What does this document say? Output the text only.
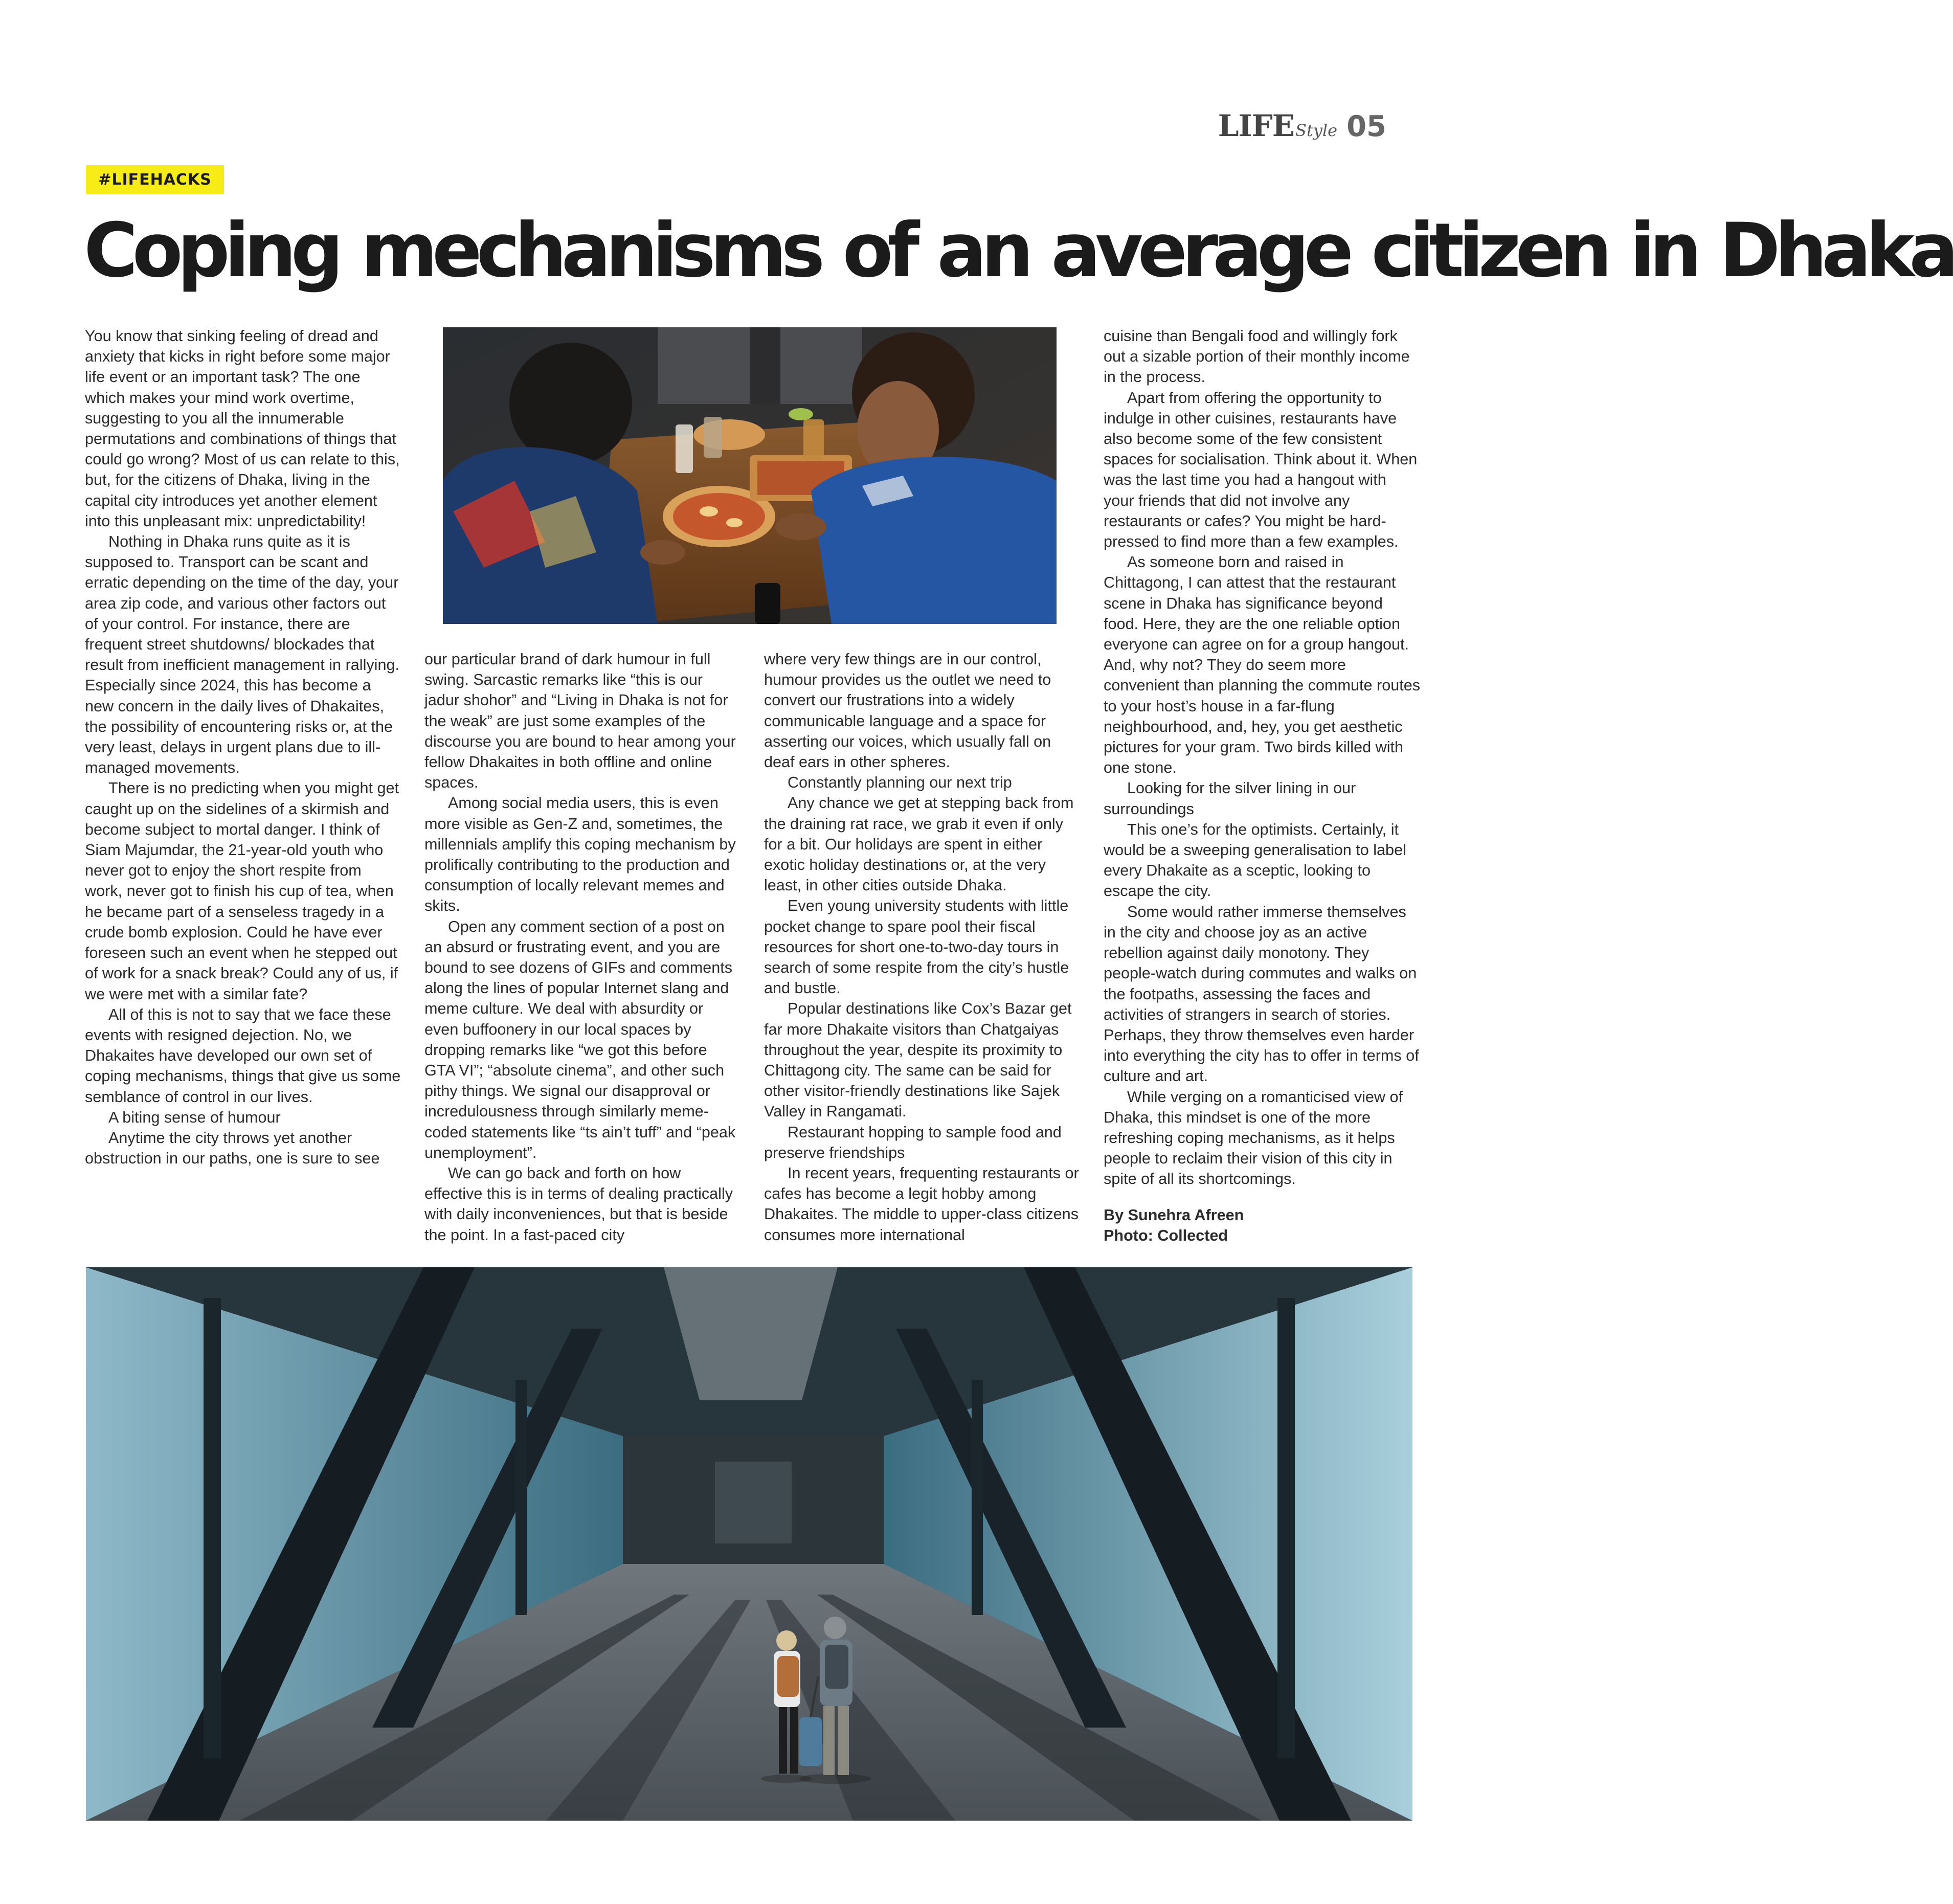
LIFE Style 05
#LIFEHACKS
Coping mechanisms of an average citizen in Dhaka

You know that sinking feeling of dread and anxiety that kicks in right before some major life event or an important task? The one which makes your mind work overtime, suggesting to you all the innumerable permutations and combinations of things that could go wrong? Most of us can relate to this, but, for the citizens of Dhaka, living in the capital city introduces yet another element into this unpleasant mix: unpredictability!

Nothing in Dhaka runs quite as it is supposed to. Transport can be scant and erratic depending on the time of the day, your area zip code, and various other factors out of your control. For instance, there are frequent street shutdowns/ blockades that result from inefficient management in rallying. Especially since 2024, this has become a new concern in the daily lives of Dhakaites, the possibility of encountering risks or, at the very least, delays in urgent plans due to ill-managed movements.

There is no predicting when you might get caught up on the sidelines of a skirmish and become subject to mortal danger. I think of Siam Majumdar, the 21-year-old youth who never got to enjoy the short respite from work, never got to finish his cup of tea, when he became part of a senseless tragedy in a crude bomb explosion. Could he have ever foreseen such an event when he stepped out of work for a snack break? Could any of us, if we were met with a similar fate?

All of this is not to say that we face these events with resigned dejection. No, we Dhakaites have developed our own set of coping mechanisms, things that give us some semblance of control in our lives.

A biting sense of humour

Anytime the city throws yet another obstruction in our paths, one is sure to see

our particular brand of dark humour in full swing. Sarcastic remarks like “this is our jadur shohor” and “Living in Dhaka is not for the weak” are just some examples of the discourse you are bound to hear among your fellow Dhakaites in both offline and online spaces.

Among social media users, this is even more visible as Gen-Z and, sometimes, the millennials amplify this coping mechanism by prolifically contributing to the production and consumption of locally relevant memes and skits.

Open any comment section of a post on an absurd or frustrating event, and you are bound to see dozens of GIFs and comments along the lines of popular Internet slang and meme culture. We deal with absurdity or even buffoonery in our local spaces by dropping remarks like “we got this before GTA VI”; “absolute cinema”, and other such pithy things. We signal our disapproval or incredulousness through similarly meme-coded statements like “ts ain’t tuff” and “peak unemployment”.

We can go back and forth on how effective this is in terms of dealing practically with daily inconveniences, but that is beside the point. In a fast-paced city

where very few things are in our control, humour provides us the outlet we need to convert our frustrations into a widely communicable language and a space for asserting our voices, which usually fall on deaf ears in other spheres.

Constantly planning our next trip

Any chance we get at stepping back from the draining rat race, we grab it even if only for a bit. Our holidays are spent in either exotic holiday destinations or, at the very least, in other cities outside Dhaka.

Even young university students with little pocket change to spare pool their fiscal resources for short one-to-two-day tours in search of some respite from the city’s hustle and bustle.

Popular destinations like Cox’s Bazar get far more Dhakaite visitors than Chatgaiyas throughout the year, despite its proximity to Chittagong city. The same can be said for other visitor-friendly destinations like Sajek Valley in Rangamati.

Restaurant hopping to sample food and preserve friendships

In recent years, frequenting restaurants or cafes has become a legit hobby among Dhakaites. The middle to upper-class citizens consumes more international

cuisine than Bengali food and willingly fork out a sizable portion of their monthly income in the process.

Apart from offering the opportunity to indulge in other cuisines, restaurants have also become some of the few consistent spaces for socialisation. Think about it. When was the last time you had a hangout with your friends that did not involve any restaurants or cafes? You might be hard-pressed to find more than a few examples.

As someone born and raised in Chittagong, I can attest that the restaurant scene in Dhaka has significance beyond food. Here, they are the one reliable option everyone can agree on for a group hangout. And, why not? They do seem more convenient than planning the commute routes to your host’s house in a far-flung neighbourhood, and, hey, you get aesthetic pictures for your gram. Two birds killed with one stone.

Looking for the silver lining in our surroundings

This one’s for the optimists. Certainly, it would be a sweeping generalisation to label every Dhakaite as a sceptic, looking to escape the city.

Some would rather immerse themselves in the city and choose joy as an active rebellion against daily monotony. They people-watch during commutes and walks on the footpaths, assessing the faces and activities of strangers in search of stories. Perhaps, they throw themselves even harder into everything the city has to offer in terms of culture and art.

While verging on a romanticised view of Dhaka, this mindset is one of the more refreshing coping mechanisms, as it helps people to reclaim their vision of this city in spite of all its shortcomings.

By Sunehra Afreen
Photo: Collected
